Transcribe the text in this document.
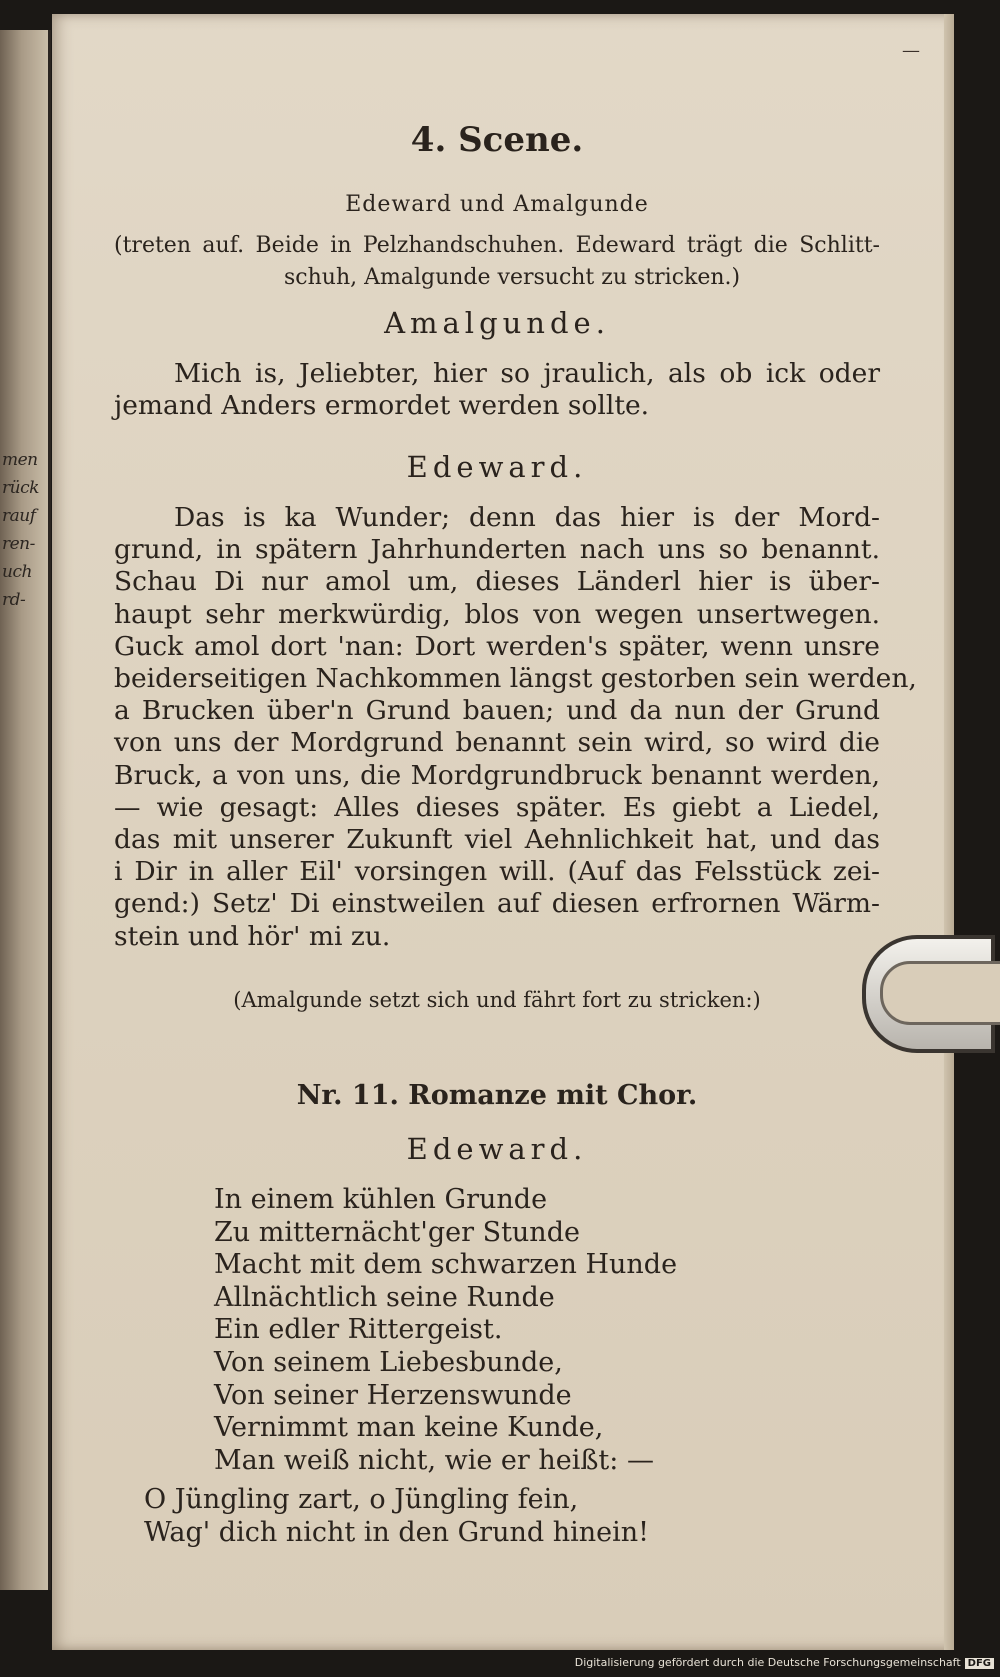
men
rück
rauf
ren-
uch
rd-
—
4. Scene.
Edeward und Amalgunde
(treten auf. Beide in Pelzhandschuhen. Edeward trägt die Schlitt-
schuh, Amalgunde versucht zu stricken.)
Amalgunde.
Mich is, Jeliebter, hier so jraulich, als ob ick oder
jemand Anders ermordet werden sollte.
Edeward.
Das is ka Wunder; denn das hier is der Mord-
grund, in spätern Jahrhunderten nach uns so benannt.
Schau Di nur amol um, dieses Länderl hier is über-
haupt sehr merkwürdig, blos von wegen unsertwegen.
Guck amol dort 'nan: Dort werden's später, wenn unsre
beiderseitigen Nachkommen längst gestorben sein werden,
a Brucken über'n Grund bauen; und da nun der Grund
von uns der Mordgrund benannt sein wird, so wird die
Bruck, a von uns, die Mordgrundbruck benannt werden,
— wie gesagt: Alles dieses später. Es giebt a Liedel,
das mit unserer Zukunft viel Aehnlichkeit hat, und das
i Dir in aller Eil' vorsingen will. (Auf das Felsstück zei-
gend:) Setz' Di einstweilen auf diesen erfrornen Wärm-
stein und hör' mi zu.
(Amalgunde setzt sich und fährt fort zu stricken:)
Nr. 11. Romanze mit Chor.
Edeward.
In einem kühlen Grunde
Zu mitternächt'ger Stunde
Macht mit dem schwarzen Hunde
Allnächtlich seine Runde
Ein edler Rittergeist.
Von seinem Liebesbunde,
Von seiner Herzenswunde
Vernimmt man keine Kunde,
Man weiß nicht, wie er heißt: —
O Jüngling zart, o Jüngling fein,
Wag' dich nicht in den Grund hinein!
Digitalisierung gefördert durch die Deutsche Forschungsgemeinschaft DFG
